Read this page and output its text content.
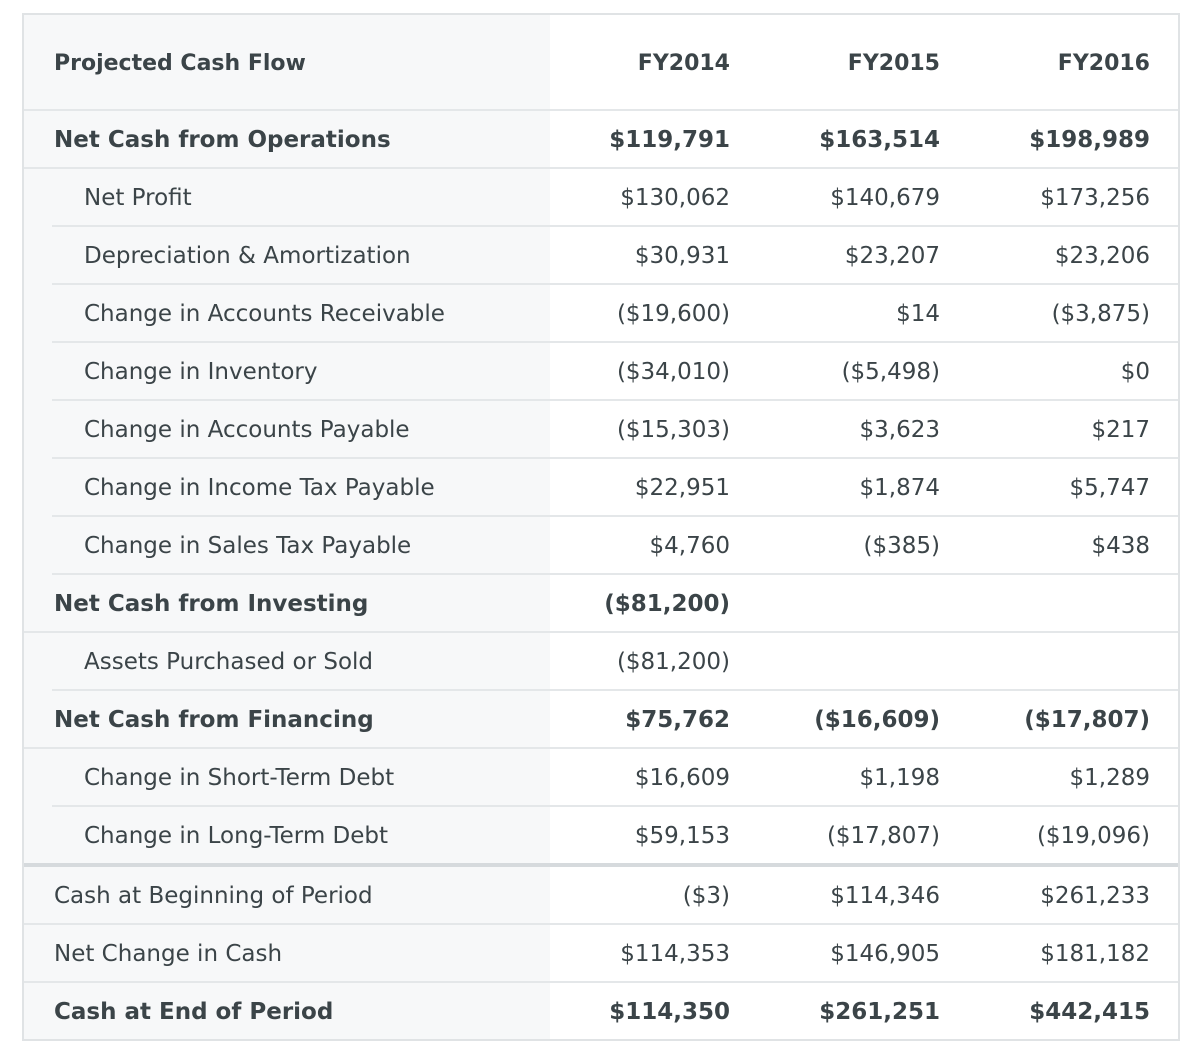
Projected Cash Flow	FY2014	FY2015	FY2016
Net Cash from Operations	$119,791	$163,514	$198,989
Net Profit	$130,062	$140,679	$173,256
Depreciation & Amortization	$30,931	$23,207	$23,206
Change in Accounts Receivable	($19,600)	$14	($3,875)
Change in Inventory	($34,010)	($5,498)	$0
Change in Accounts Payable	($15,303)	$3,623	$217
Change in Income Tax Payable	$22,951	$1,874	$5,747
Change in Sales Tax Payable	$4,760	($385)	$438
Net Cash from Investing	($81,200)
Assets Purchased or Sold	($81,200)
Net Cash from Financing	$75,762	($16,609)	($17,807)
Change in Short-Term Debt	$16,609	$1,198	$1,289
Change in Long-Term Debt	$59,153	($17,807)	($19,096)
Cash at Beginning of Period	($3)	$114,346	$261,233
Net Change in Cash	$114,353	$146,905	$181,182
Cash at End of Period	$114,350	$261,251	$442,415
